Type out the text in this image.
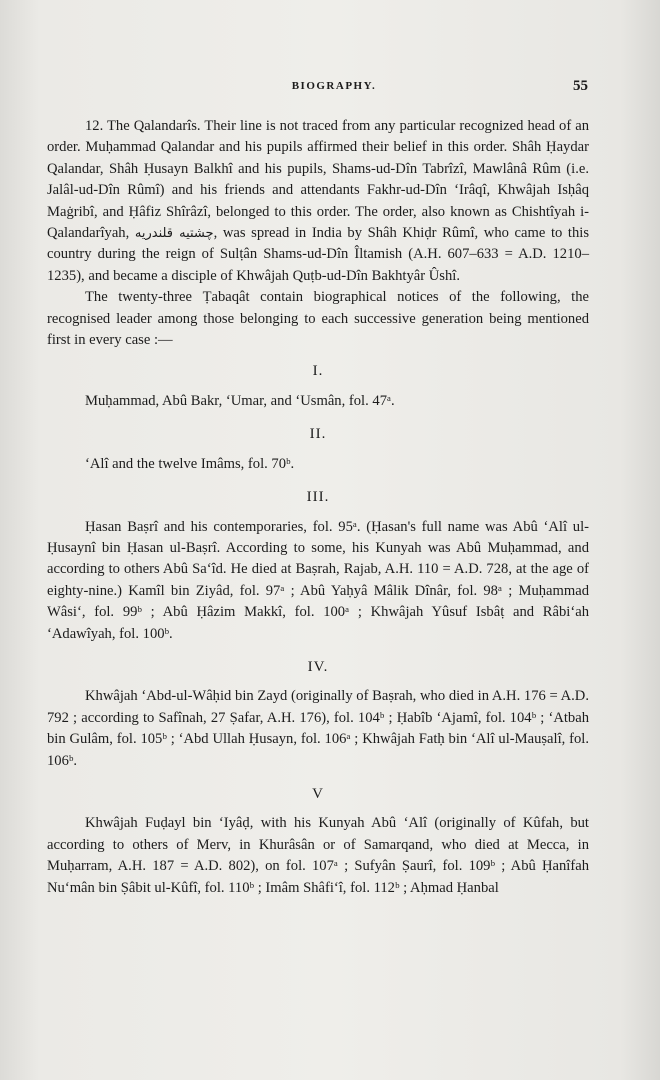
BIOGRAPHY.	55

12. The Qalandarîs. Their line is not traced from any particular recognized head of an order. Muḥammad Qalandar and his pupils affirmed their belief in this order. Shâh Ḥaydar Qalandar, Shâh Ḥusayn Balkhî and his pupils, Shams-ud-Dîn Tabrîzî, Mawlânâ Rûm (i.e. Jalâl-ud-Dîn Rûmî) and his friends and attendants Fakhr-ud-Dîn ‘Irâqî, Khwâjah Isḥâq Maġribî, and Ḥâfiz Shîrâzî, belonged to this order. The order, also known as Chishtîyah i-Qalandarîyah, چشتیه قلندریه, was spread in India by Shâh Khiḍr Rûmî, who came to this country during the reign of Sulṭân Shams-ud-Dîn Îltamish (A.H. 607–633 = A.D. 1210–1235), and became a disciple of Khwâjah Quṭb-ud-Dîn Bakhtyâr Ûshî.

The twenty-three Ṭabaqât contain biographical notices of the following, the recognised leader among those belonging to each successive generation being mentioned first in every case :—

I.

Muḥammad, Abû Bakr, ‘Umar, and ‘Usmân, fol. 47ᵃ.

II.

‘Alî and the twelve Imâms, fol. 70ᵇ.

III.

Ḥasan Baṣrî and his contemporaries, fol. 95ᵃ. (Ḥasan's full name was Abû ‘Alî ul-Ḥusaynî bin Ḥasan ul-Baṣrî. According to some, his Kunyah was Abû Muḥammad, and according to others Abû Sa‘îd. He died at Baṣrah, Rajab, A.H. 110 = A.D. 728, at the age of eighty-nine.) Kamîl bin Ziyâd, fol. 97ᵃ ; Abû Yaḥyâ Mâlik Dînâr, fol. 98ᵃ ; Muḥammad Wâsi‘, fol. 99ᵇ ; Abû Ḥâzim Makkî, fol. 100ᵃ ; Khwâjah Yûsuf Isbâṭ and Râbi‘ah ‘Adawîyah, fol. 100ᵇ.

IV.

Khwâjah ‘Abd-ul-Wâḥid bin Zayd (originally of Baṣrah, who died in A.H. 176 = A.D. 792 ; according to Safînah, 27 Ṣafar, A.H. 176), fol. 104ᵇ ; Ḥabîb ‘Ajamî, fol. 104ᵇ ; ‘Atbah bin Gulâm, fol. 105ᵇ ; ‘Abd Ullah Ḥusayn, fol. 106ᵃ ; Khwâjah Fatḥ bin ‘Alî ul-Mauṣalî, fol. 106ᵇ.

V

Khwâjah Fuḍayl bin ‘Iyâḍ, with his Kunyah Abû ‘Alî (originally of Kûfah, but according to others of Merv, in Khurâsân or of Samarqand, who died at Mecca, in Muḥarram, A.H. 187 = A.D. 802), on fol. 107ᵃ ; Sufyân Ṣaurî, fol. 109ᵇ ; Abû Ḥanîfah Nu‘mân bin Ṣâbit ul-Kûfî, fol. 110ᵇ ; Imâm Shâfi‘î, fol. 112ᵇ ; Aḥmad Ḥanbal
